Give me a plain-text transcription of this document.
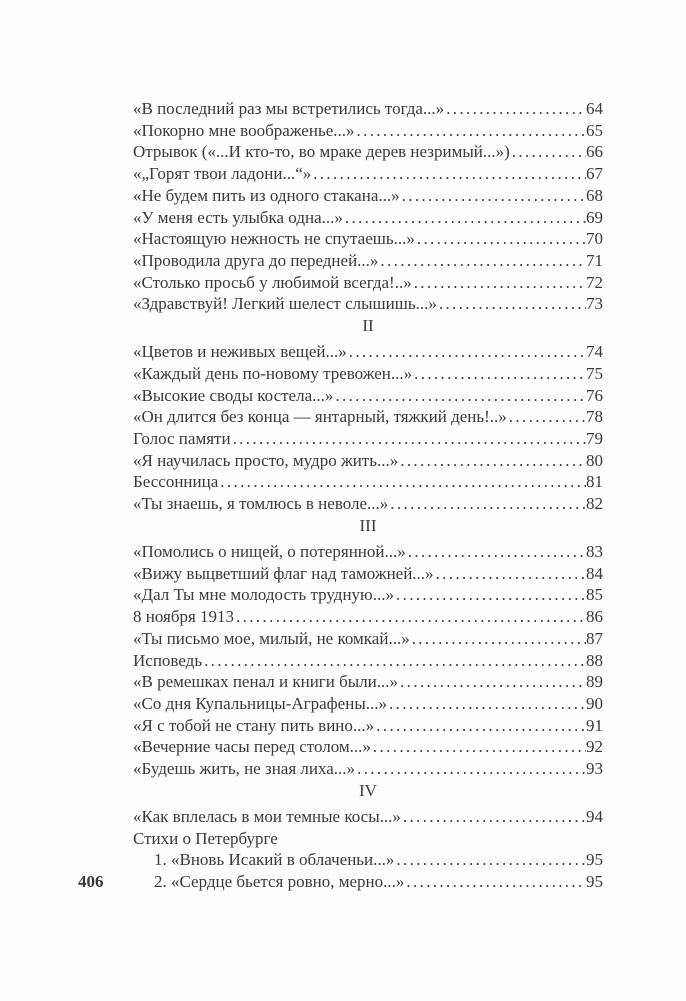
«В последний раз мы встретились тогда...» . . .	64
«Покорно мне воображенье...» . . .	65
Отрывок («...И кто-то, во мраке дерев незримый...») . . .	66
«„Горят твои ладони...“» . . .	67
«Не будем пить из одного стакана...» . . .	68
«У меня есть улыбка одна...» . . .	69
«Настоящую нежность не спутаешь...» . . .	70
«Проводила друга до передней...» . . .	71
«Столько просьб у любимой всегда!..» . . .	72
«Здравствуй! Легкий шелест слышишь...» . . .	73
II
«Цветов и неживых вещей...» . . .	74
«Каждый день по-новому тревожен...» . . .	75
«Высокие своды костела...» . . .	76
«Он длится без конца — янтарный, тяжкий день!..» . . .	78
Голос памяти . . .	79
«Я научилась просто, мудро жить...» . . .	80
Бессонница . . .	81
«Ты знаешь, я томлюсь в неволе...» . . .	82
III
«Помолись о нищей, о потерянной...» . . .	83
«Вижу выцветший флаг над таможней...» . . .	84
«Дал Ты мне молодость трудную...» . . .	85
8 ноября 1913 . . .	86
«Ты письмо мое, милый, не комкай...» . . .	87
Исповедь . . .	88
«В ремешках пенал и книги были...» . . .	89
«Со дня Купальницы-Аграфены...» . . .	90
«Я с тобой не стану пить вино...» . . .	91
«Вечерние часы перед столом...» . . .	92
«Будешь жить, не зная лиха...» . . .	93
IV
«Как вплелась в мои темные косы...» . . .	94
Стихи о Петербурге
1. «Вновь Исакий в облаченьи...» . . .	95
2. «Сердце бьется ровно, мерно...» . . .	95
406
